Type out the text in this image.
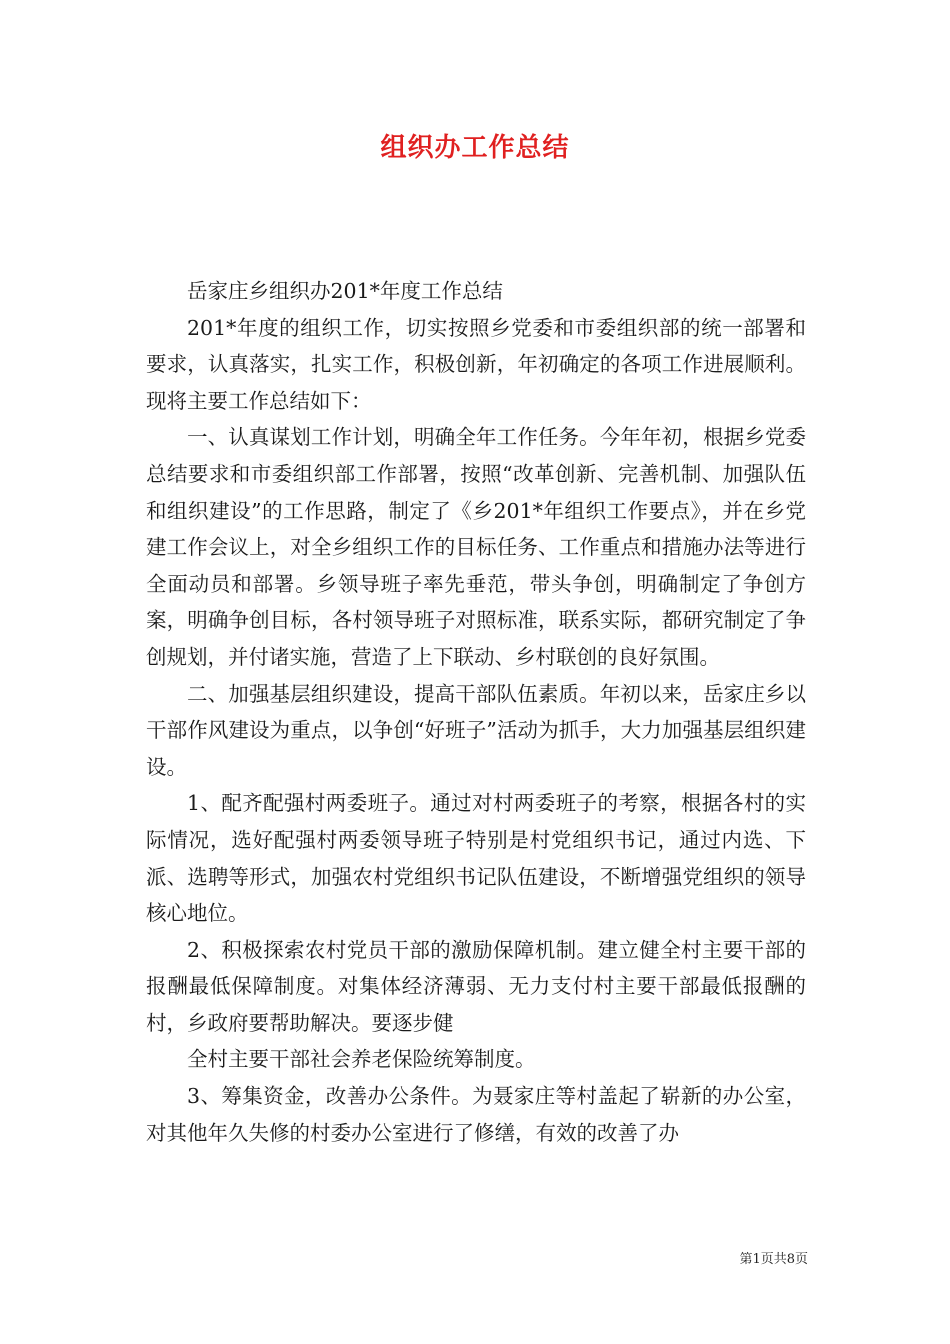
组织办工作总结

岳家庄乡组织办201*年度工作总结

201*年度的组织工作，切实按照乡党委和市委组织部的统一部署和要求，认真落实，扎实工作，积极创新，年初确定的各项工作进展顺利。现将主要工作总结如下：

一、认真谋划工作计划，明确全年工作任务。今年年初，根据乡党委总结要求和市委组织部工作部署，按照“改革创新、完善机制、加强队伍和组织建设”的工作思路，制定了《乡201*年组织工作要点》，并在乡党建工作会议上，对全乡组织工作的目标任务、工作重点和措施办法等进行全面动员和部署。乡领导班子率先垂范，带头争创，明确制定了争创方案，明确争创目标，各村领导班子对照标准，联系实际，都研究制定了争创规划，并付诸实施，营造了上下联动、乡村联创的良好氛围。

二、加强基层组织建设，提高干部队伍素质。年初以来，岳家庄乡以干部作风建设为重点，以争创“好班子”活动为抓手，大力加强基层组织建设。

1、配齐配强村两委班子。通过对村两委班子的考察，根据各村的实际情况，选好配强村两委领导班子特别是村党组织书记，通过内选、下派、选聘等形式，加强农村党组织书记队伍建设，不断增强党组织的领导核心地位。

2、积极探索农村党员干部的激励保障机制。建立健全村主要干部的报酬最低保障制度。对集体经济薄弱、无力支付村主要干部最低报酬的村，乡政府要帮助解决。要逐步健

全村主要干部社会养老保险统筹制度。

3、筹集资金，改善办公条件。为聂家庄等村盖起了崭新的办公室，对其他年久失修的村委办公室进行了修缮，有效的改善了办

第1页共8页
